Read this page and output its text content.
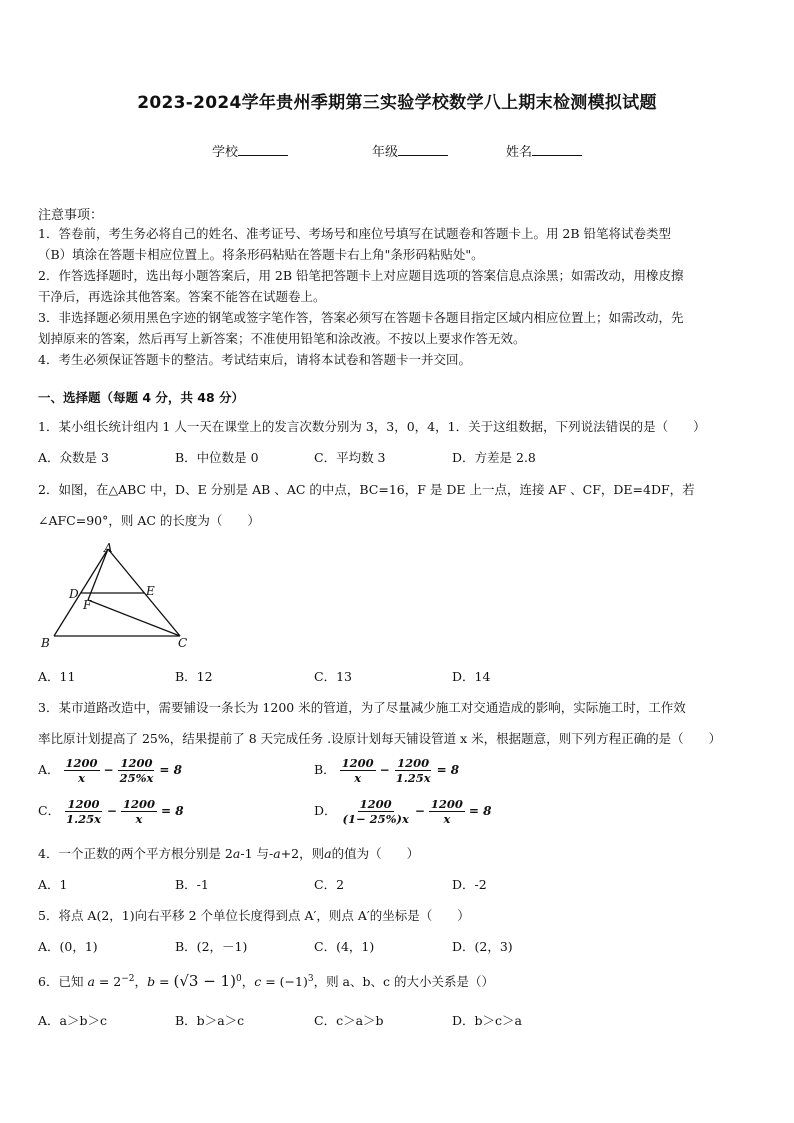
2023-2024学年贵州季期第三实验学校数学八上期末检测模拟试题
学校	年级	姓名
注意事项：
1．答卷前，考生务必将自己的姓名、准考证号、考场号和座位号填写在试题卷和答题卡上。用 2B 铅笔将试卷类型
（B）填涂在答题卡相应位置上。将条形码粘贴在答题卡右上角"条形码粘贴处"。
2．作答选择题时，选出每小题答案后，用 2B 铅笔把答题卡上对应题目选项的答案信息点涂黑；如需改动，用橡皮擦
干净后，再选涂其他答案。答案不能答在试题卷上。
3．非选择题必须用黑色字迹的钢笔或签字笔作答，答案必须写在答题卡各题目指定区域内相应位置上；如需改动，先
划掉原来的答案，然后再写上新答案；不准使用铅笔和涂改液。不按以上要求作答无效。
4．考生必须保证答题卡的整洁。考试结束后，请将本试卷和答题卡一并交回。
一、选择题（每题 4 分，共 48 分）
1．某小组长统计组内 1 人一天在课堂上的发言次数分别为 3，3，0，4，1．关于这组数据，下列说法错误的是（　　）
A．众数是 3	B．中位数是 0	C．平均数 3	D．方差是 2.8
2．如图，在△ABC 中，D、E 分别是 AB 、AC 的中点，BC=16，F 是 DE 上一点，连接 AF 、CF，DE=4DF，若
∠AFC=90°，则 AC 的长度为（　　）
A
D	E
F
B	C
A．11	B．12	C．13	D．14
3．某市道路改造中，需要铺设一条长为 1200 米的管道，为了尽量减少施工对交通造成的影响，实际施工时，工作效
率比原计划提高了 25%，结果提前了 8 天完成任务 .设原计划每天铺设管道 x 米，根据题意，则下列方程正确的是（　　）
A． $\frac{1200}{x} - \frac{1200}{25\%x} = 8$	B． $\frac{1200}{x} - \frac{1200}{1.25x} = 8$
C． $\frac{1200}{1.25x} - \frac{1200}{x} = 8$	D． $\frac{1200}{(1- 25\%)x} - \frac{1200}{x} = 8$
4．一个正数的两个平方根分别是 2a-1 与-a+2，则a的值为（　　）
A．1	B．-1	C．2	D．-2
5．将点 A(2，1)向右平移 2 个单位长度得到点 A′，则点 A′的坐标是（　　）
A．(0，1)	B．(2，－1)	C．(4，1)	D．(2，3)
6．已知 $a = 2^{-2}$，$b = (√3 - 1)^0$，$c = (-1)^3$，则 a、b、c 的大小关系是（）
A．a＞b＞c	B．b＞a＞c	C．c＞a＞b	D．b＞c＞a
